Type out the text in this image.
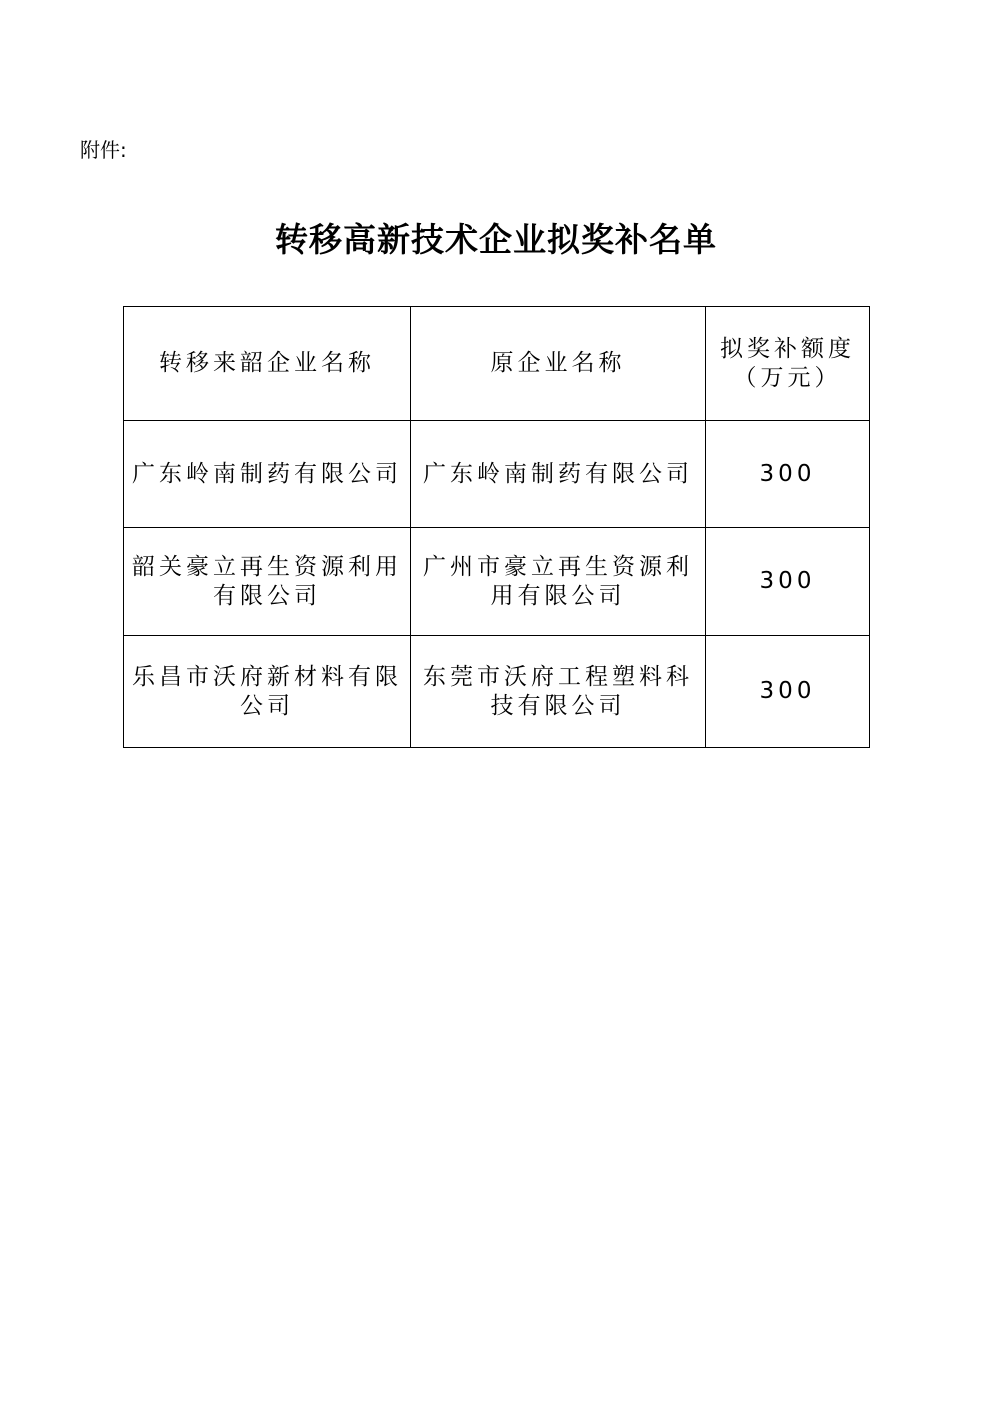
附件:
转移高新技术企业拟奖补名单
转移来韶企业名称	原企业名称	拟奖补额度
（万元）
广东岭南制药有限公司	广东岭南制药有限公司	300
韶关豪立再生资源利用有限公司	广州市豪立再生资源利用有限公司	300
乐昌市沃府新材料有限公司	东莞市沃府工程塑料科技有限公司	300
